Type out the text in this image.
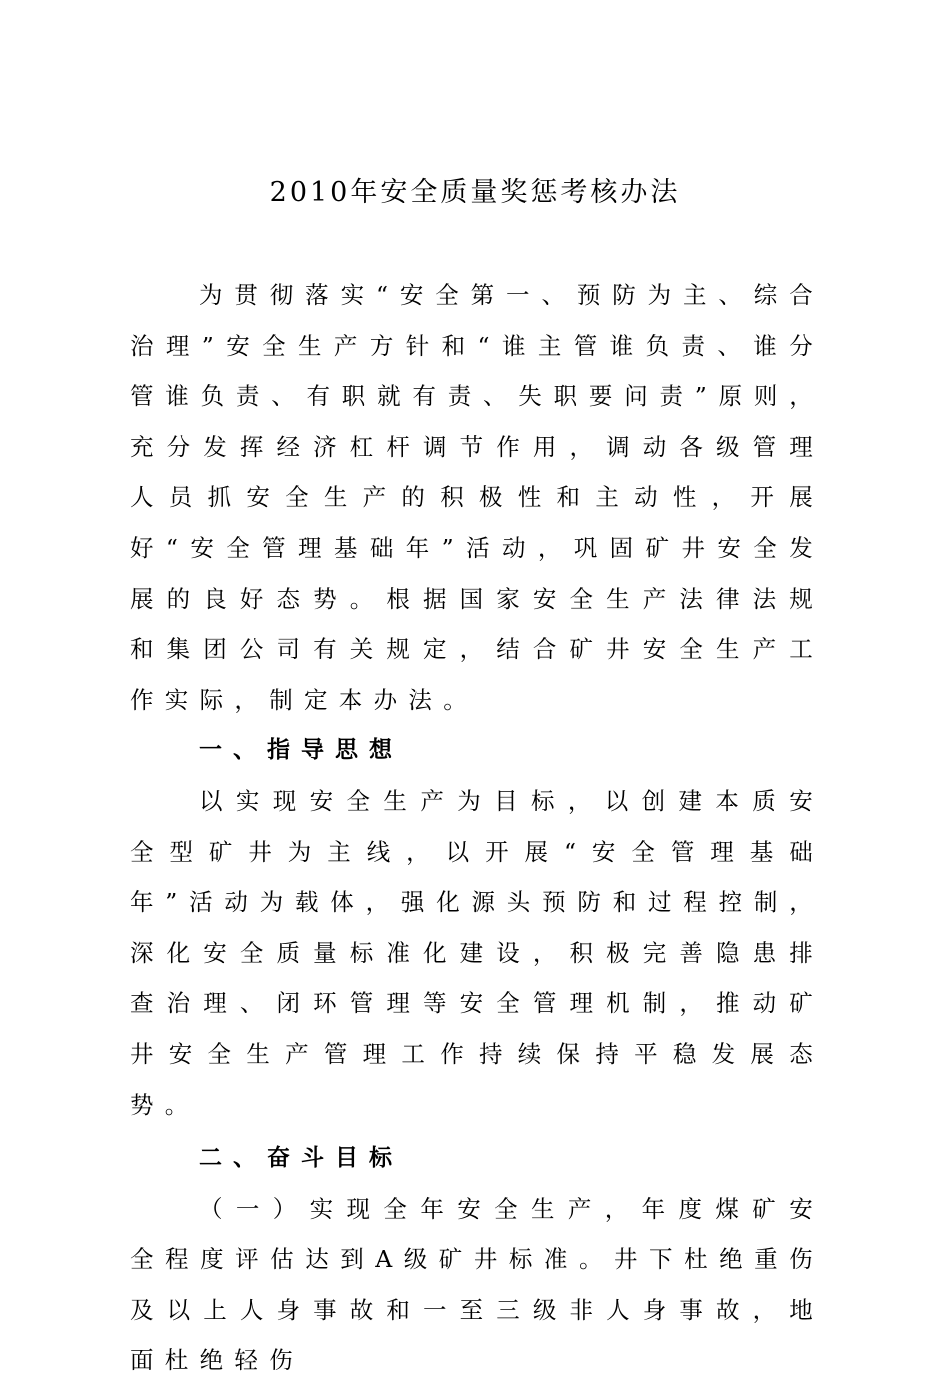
2010年安全质量奖惩考核办法

为贯彻落实“安全第一、预防为主、综合治理”安全生产方针和“谁主管谁负责、谁分管谁负责、有职就有责、失职要问责”原则，充分发挥经济杠杆调节作用，调动各级管理人员抓安全生产的积极性和主动性，开展好“安全管理基础年”活动，巩固矿井安全发展的良好态势。根据国家安全生产法律法规和集团公司有关规定，结合矿井安全生产工作实际，制定本办法。

一、指导思想

以实现安全生产为目标，以创建本质安全型矿井为主线，以开展“安全管理基础年”活动为载体，强化源头预防和过程控制，深化安全质量标准化建设，积极完善隐患排查治理、闭环管理等安全管理机制，推动矿井安全生产管理工作持续保持平稳发展态势。

二、奋斗目标

（一）实现全年安全生产，年度煤矿安全程度评估达到A级矿井标准。井下杜绝重伤及以上人身事故和一至三级非人身事故，地面杜绝轻伤
